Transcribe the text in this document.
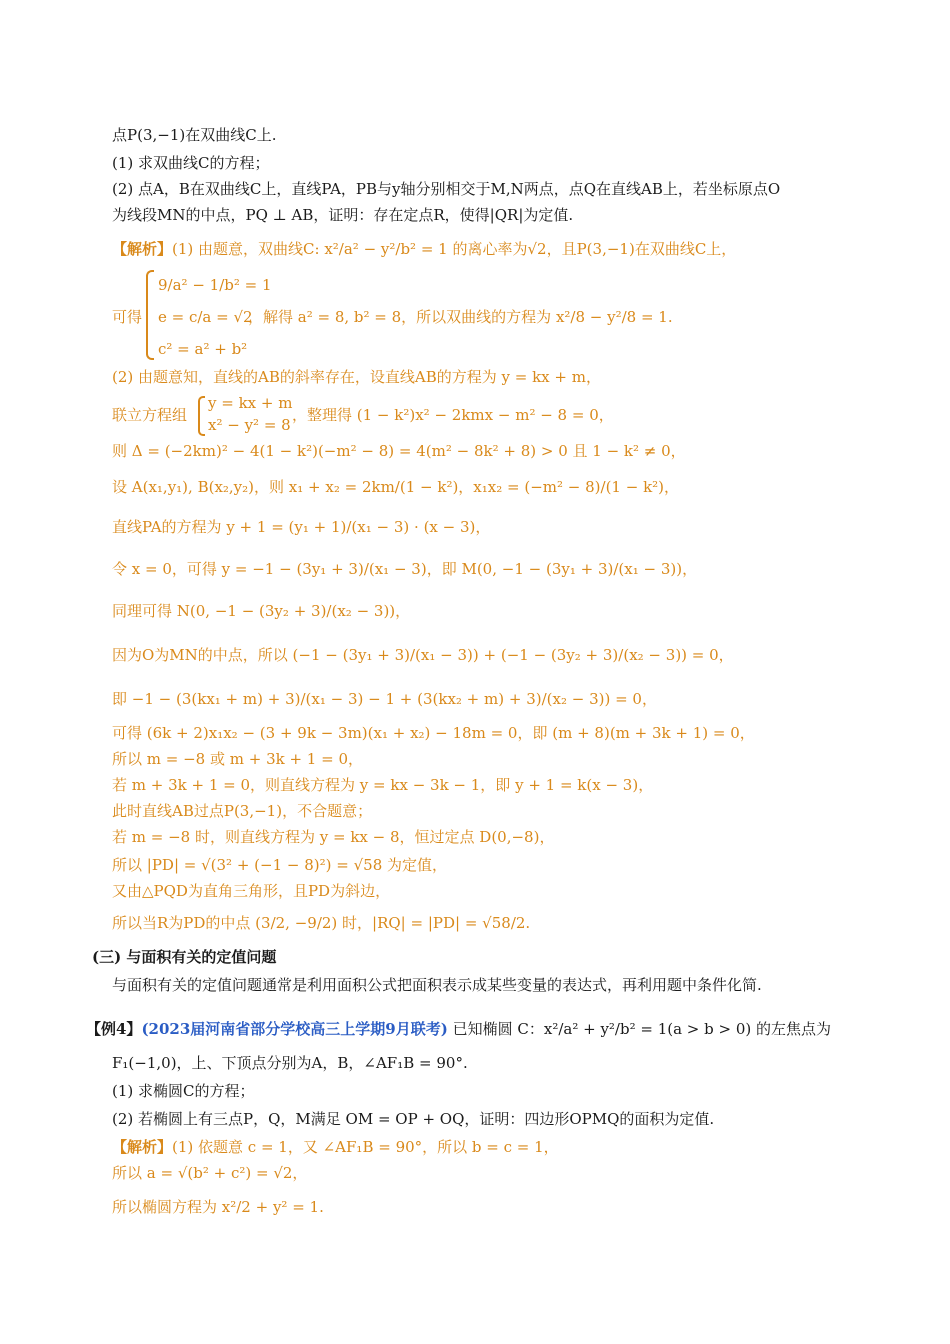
点P(3,−1)在双曲线C上.
(1) 求双曲线C的方程；
(2) 点A，B在双曲线C上，直线PA，PB与y轴分别相交于M,N两点，点Q在直线AB上，若坐标原点O
为线段MN的中点，PQ ⊥ AB，证明：存在定点R，使得|QR|为定值.
【解析】(1) 由题意，双曲线C: x²/a² − y²/b² = 1 的离心率为√2，且P(3,−1)在双曲线C上，
可得
9/a² − 1/b² = 1
e = c/a = √2
c² = a² + b²
，解得 a² = 8, b² = 8，所以双曲线的方程为 x²/8 − y²/8 = 1.
(2) 由题意知，直线的AB的斜率存在，设直线AB的方程为 y = kx + m，
联立方程组
y = kx + m
x² − y² = 8
，整理得 (1 − k²)x² − 2kmx − m² − 8 = 0，
则 Δ = (−2km)² − 4(1 − k²)(−m² − 8) = 4(m² − 8k² + 8) > 0 且 1 − k² ≠ 0，
设 A(x₁,y₁), B(x₂,y₂)，则 x₁ + x₂ = 2km/(1 − k²)，x₁x₂ = (−m² − 8)/(1 − k²)，
直线PA的方程为 y + 1 = (y₁ + 1)/(x₁ − 3) · (x − 3)，
令 x = 0，可得 y = −1 − (3y₁ + 3)/(x₁ − 3)，即 M(0, −1 − (3y₁ + 3)/(x₁ − 3))，
同理可得 N(0, −1 − (3y₂ + 3)/(x₂ − 3))，
因为O为MN的中点，所以 (−1 − (3y₁ + 3)/(x₁ − 3)) + (−1 − (3y₂ + 3)/(x₂ − 3)) = 0，
即 −1 − (3(kx₁ + m) + 3)/(x₁ − 3) − 1 + (3(kx₂ + m) + 3)/(x₂ − 3)) = 0，
可得 (6k + 2)x₁x₂ − (3 + 9k − 3m)(x₁ + x₂) − 18m = 0，即 (m + 8)(m + 3k + 1) = 0，
所以 m = −8 或 m + 3k + 1 = 0，
若 m + 3k + 1 = 0，则直线方程为 y = kx − 3k − 1，即 y + 1 = k(x − 3)，
此时直线AB过点P(3,−1)，不合题意；
若 m = −8 时，则直线方程为 y = kx − 8，恒过定点 D(0,−8)，
所以 |PD| = √(3² + (−1 − 8)²) = √58 为定值，
又由△PQD为直角三角形，且PD为斜边，
所以当R为PD的中点 (3/2, −9/2) 时，|RQ| = |PD| = √58/2.
(三) 与面积有关的定值问题
与面积有关的定值问题通常是利用面积公式把面积表示成某些变量的表达式，再利用题中条件化简.
【例4】(2023届河南省部分学校高三上学期9月联考) 已知椭圆 C：x²/a² + y²/b² = 1(a > b > 0) 的左焦点为
F₁(−1,0)，上、下顶点分别为A，B，∠AF₁B = 90°.
(1) 求椭圆C的方程；
(2) 若椭圆上有三点P，Q，M满足 OM = OP + OQ，证明：四边形OPMQ的面积为定值.
【解析】(1) 依题意 c = 1，又 ∠AF₁B = 90°，所以 b = c = 1，
所以 a = √(b² + c²) = √2，
所以椭圆方程为 x²/2 + y² = 1.
